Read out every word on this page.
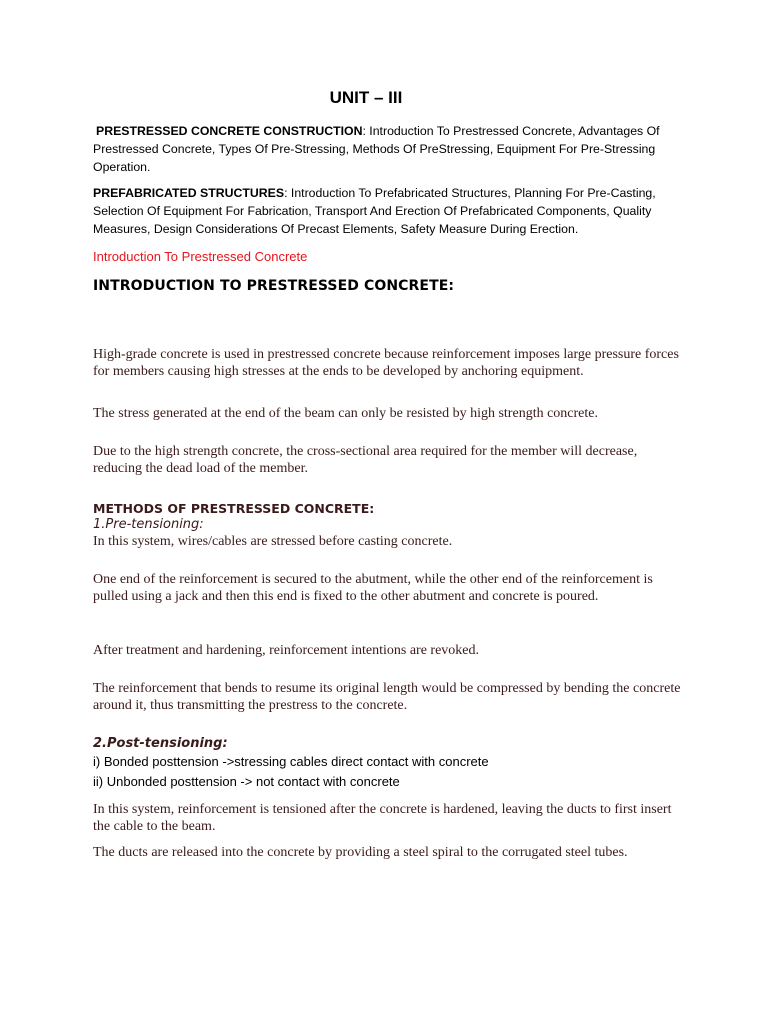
UNIT – III
PRESTRESSED CONCRETE CONSTRUCTION: Introduction To Prestressed Concrete, Advantages Of Prestressed Concrete, Types Of Pre-Stressing, Methods Of PreStressing, Equipment For Pre-Stressing Operation.
PREFABRICATED STRUCTURES: Introduction To Prefabricated Structures, Planning For Pre-Casting, Selection Of Equipment For Fabrication, Transport And Erection Of Prefabricated Components, Quality Measures, Design Considerations Of Precast Elements, Safety Measure During Erection.
Introduction To Prestressed Concrete
INTRODUCTION TO PRESTRESSED CONCRETE:
High-grade concrete is used in prestressed concrete because reinforcement imposes large pressure forces for members causing high stresses at the ends to be developed by anchoring equipment.
The stress generated at the end of the beam can only be resisted by high strength concrete.
Due to the high strength concrete, the cross-sectional area required for the member will decrease, reducing the dead load of the member.
METHODS OF PRESTRESSED CONCRETE:
1.Pre-tensioning:
In this system, wires/cables are stressed before casting concrete.
One end of the reinforcement is secured to the abutment, while the other end of the reinforcement is pulled using a jack and then this end is fixed to the other abutment and concrete is poured.
After treatment and hardening, reinforcement intentions are revoked.
The reinforcement that bends to resume its original length would be compressed by bending the concrete around it, thus transmitting the prestress to the concrete.
2.Post-tensioning:
i) Bonded posttension ->stressing cables direct contact with concrete
ii) Unbonded posttension -> not contact with concrete
In this system, reinforcement is tensioned after the concrete is hardened, leaving the ducts to first insert the cable to the beam.
The ducts are released into the concrete by providing a steel spiral to the corrugated steel tubes.
